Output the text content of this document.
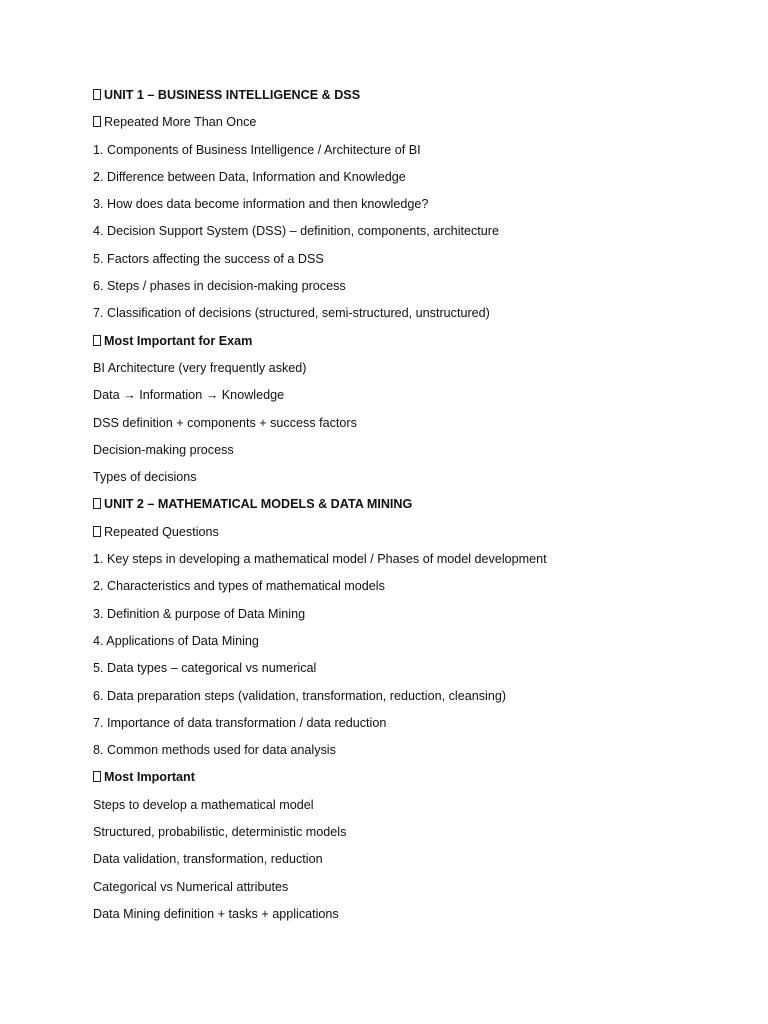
UNIT 1 – BUSINESS INTELLIGENCE & DSS
Repeated More Than Once
1. Components of Business Intelligence / Architecture of BI
2. Difference between Data, Information and Knowledge
3. How does data become information and then knowledge?
4. Decision Support System (DSS) – definition, components, architecture
5. Factors affecting the success of a DSS
6. Steps / phases in decision-making process
7. Classification of decisions (structured, semi-structured, unstructured)
Most Important for Exam
BI Architecture (very frequently asked)
Data → Information → Knowledge
DSS definition + components + success factors
Decision-making process
Types of decisions
UNIT 2 – MATHEMATICAL MODELS & DATA MINING
Repeated Questions
1. Key steps in developing a mathematical model / Phases of model development
2. Characteristics and types of mathematical models
3. Definition & purpose of Data Mining
4. Applications of Data Mining
5. Data types – categorical vs numerical
6. Data preparation steps (validation, transformation, reduction, cleansing)
7. Importance of data transformation / data reduction
8. Common methods used for data analysis
Most Important
Steps to develop a mathematical model
Structured, probabilistic, deterministic models
Data validation, transformation, reduction
Categorical vs Numerical attributes
Data Mining definition + tasks + applications
